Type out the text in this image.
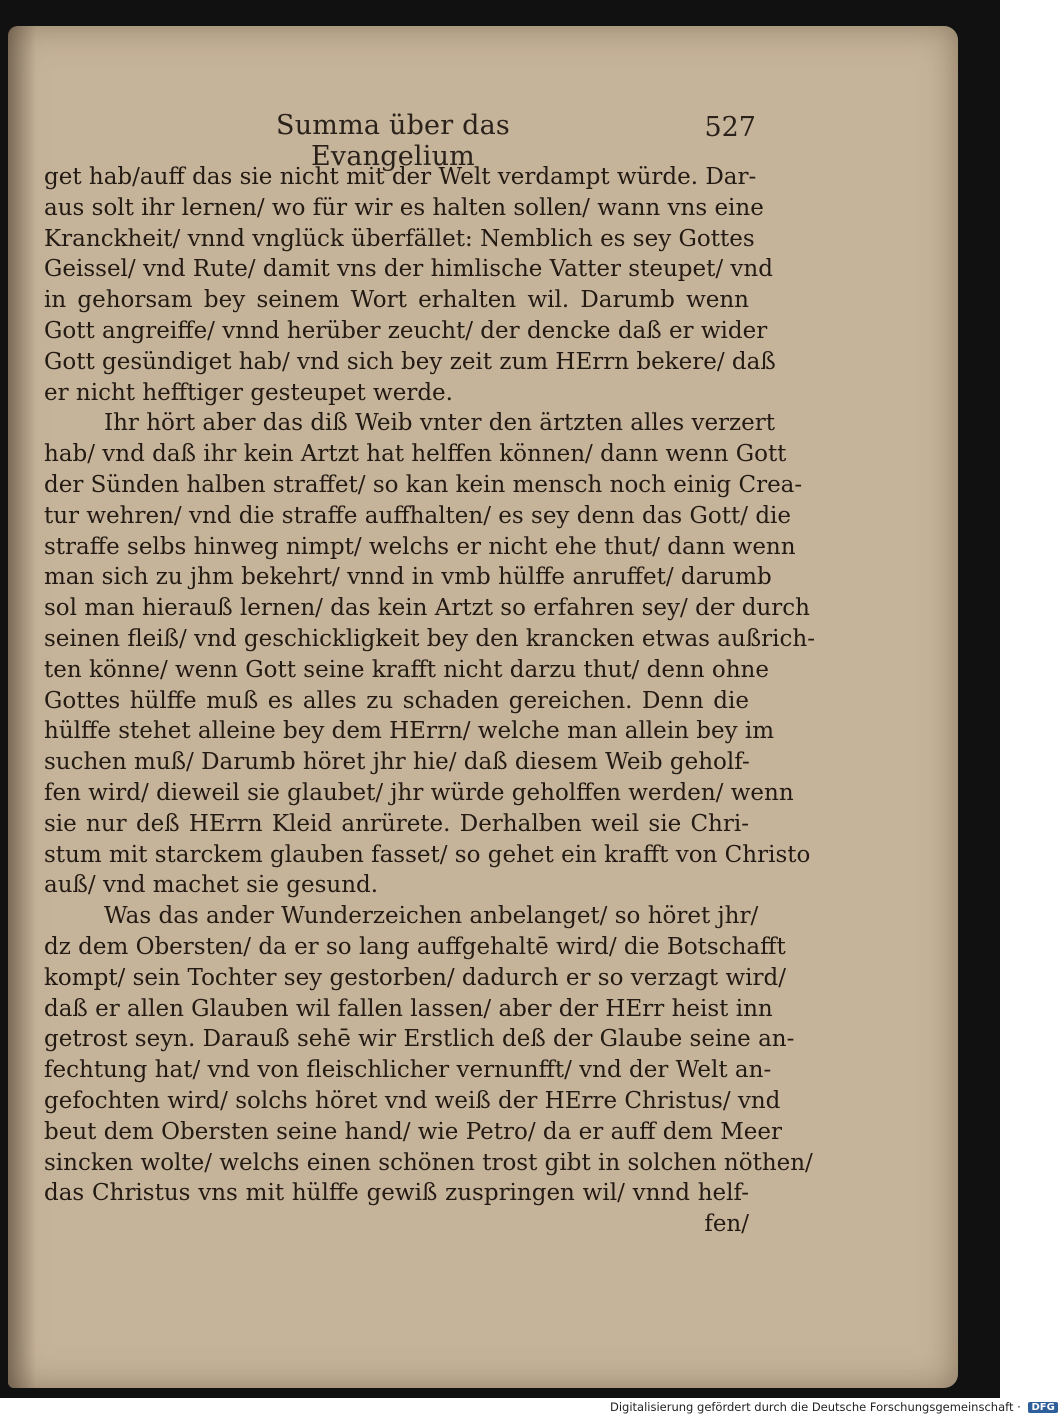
Summa über das Evangelium
527
get hab/auff das sie nicht mit der Welt verdampt würde. Dar-
aus solt ihr lernen/ wo für wir es halten sollen/ wann vns eine
Kranckheit/ vnnd vnglück überfället: Nemblich es sey Gottes
Geissel/ vnd Rute/ damit vns der himlische Vatter steupet/ vnd
in gehorsam bey seinem Wort erhalten wil. Darumb wenn
Gott angreiffe/ vnnd herüber zeucht/ der dencke daß er wider
Gott gesündiget hab/ vnd sich bey zeit zum HErrn bekere/ daß
er nicht hefftiger gesteupet werde.
Ihr hört aber das diß Weib vnter den ärtzten alles verzert
hab/ vnd daß ihr kein Artzt hat helffen können/ dann wenn Gott
der Sünden halben straffet/ so kan kein mensch noch einig Crea-
tur wehren/ vnd die straffe auffhalten/ es sey denn das Gott/ die
straffe selbs hinweg nimpt/ welchs er nicht ehe thut/ dann wenn
man sich zu jhm bekehrt/ vnnd in vmb hülffe anruffet/ darumb
sol man hierauß lernen/ das kein Artzt so erfahren sey/ der durch
seinen fleiß/ vnd geschickligkeit bey den krancken etwas außrich-
ten könne/ wenn Gott seine krafft nicht darzu thut/ denn ohne
Gottes hülffe muß es alles zu schaden gereichen. Denn die
hülffe stehet alleine bey dem HErrn/ welche man allein bey im
suchen muß/ Darumb höret jhr hie/ daß diesem Weib geholf-
fen wird/ dieweil sie glaubet/ jhr würde geholffen werden/ wenn
sie nur deß HErrn Kleid anrürete. Derhalben weil sie Chri-
stum mit starckem glauben fasset/ so gehet ein krafft von Christo
auß/ vnd machet sie gesund.
Was das ander Wunderzeichen anbelanget/ so höret jhr/
dz dem Obersten/ da er so lang auffgehaltē wird/ die Botschafft
kompt/ sein Tochter sey gestorben/ dadurch er so verzagt wird/
daß er allen Glauben wil fallen lassen/ aber der HErr heist inn
getrost seyn. Darauß sehē wir Erstlich deß der Glaube seine an-
fechtung hat/ vnd von fleischlicher vernunfft/ vnd der Welt an-
gefochten wird/ solchs höret vnd weiß der HErre Christus/ vnd
beut dem Obersten seine hand/ wie Petro/ da er auff dem Meer
sincken wolte/ welchs einen schönen trost gibt in solchen nöthen/
das Christus vns mit hülffe gewiß zuspringen wil/ vnnd helf-
fen/
Digitalisierung gefördert durch die Deutsche Forschungsgemeinschaft · DFG
